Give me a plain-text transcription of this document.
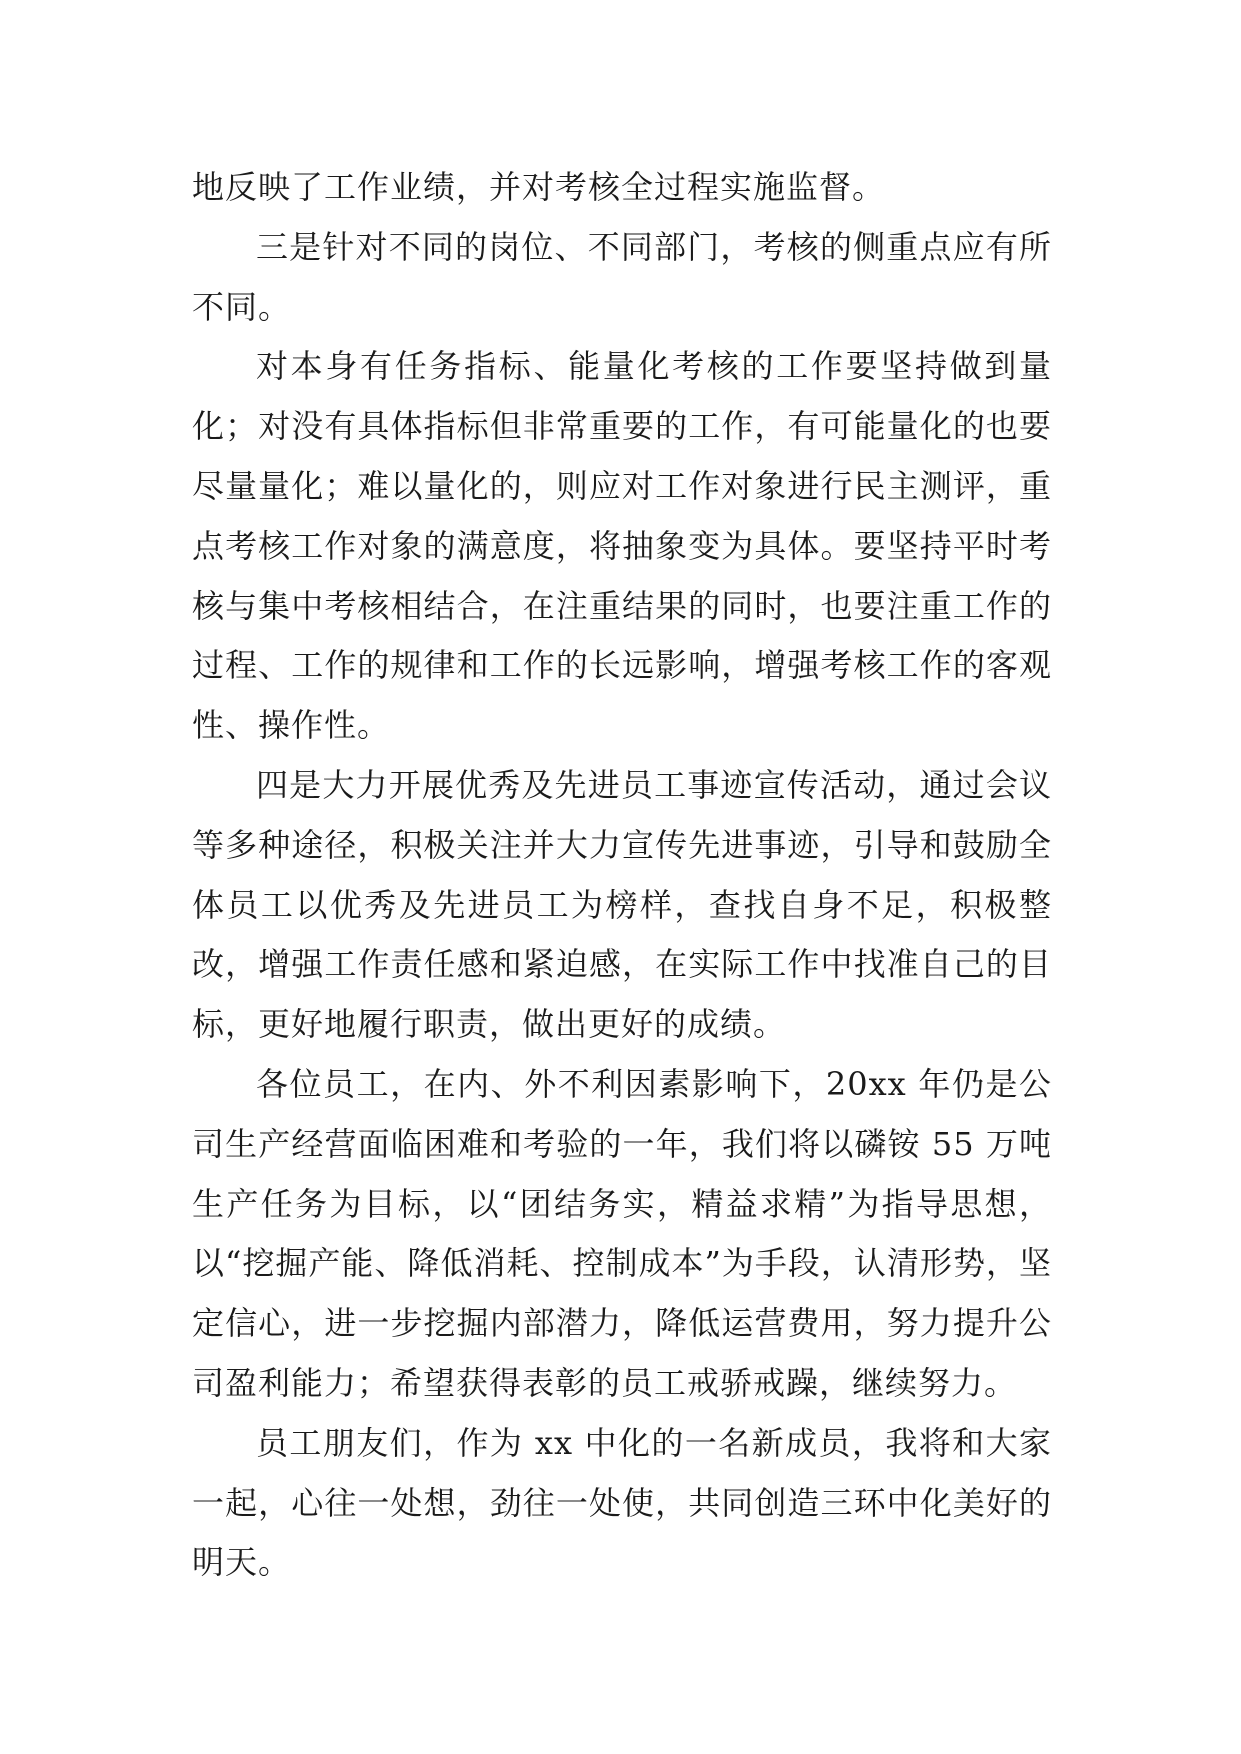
地反映了工作业绩，并对考核全过程实施监督。

三是针对不同的岗位、不同部门，考核的侧重点应有所不同。

对本身有任务指标、能量化考核的工作要坚持做到量化；对没有具体指标但非常重要的工作，有可能量化的也要尽量量化；难以量化的，则应对工作对象进行民主测评，重点考核工作对象的满意度，将抽象变为具体。要坚持平时考核与集中考核相结合，在注重结果的同时，也要注重工作的过程、工作的规律和工作的长远影响，增强考核工作的客观性、操作性。

四是大力开展优秀及先进员工事迹宣传活动，通过会议等多种途径，积极关注并大力宣传先进事迹，引导和鼓励全体员工以优秀及先进员工为榜样，查找自身不足，积极整改，增强工作责任感和紧迫感，在实际工作中找准自己的目标，更好地履行职责，做出更好的成绩。

各位员工，在内、外不利因素影响下，20xx 年仍是公司生产经营面临困难和考验的一年，我们将以磷铵 55 万吨生产任务为目标，以“团结务实，精益求精”为指导思想，以“挖掘产能、降低消耗、控制成本”为手段，认清形势，坚定信心，进一步挖掘内部潜力，降低运营费用，努力提升公司盈利能力；希望获得表彰的员工戒骄戒躁，继续努力。

员工朋友们，作为 xx 中化的一名新成员，我将和大家一起，心往一处想，劲往一处使，共同创造三环中化美好的明天。
